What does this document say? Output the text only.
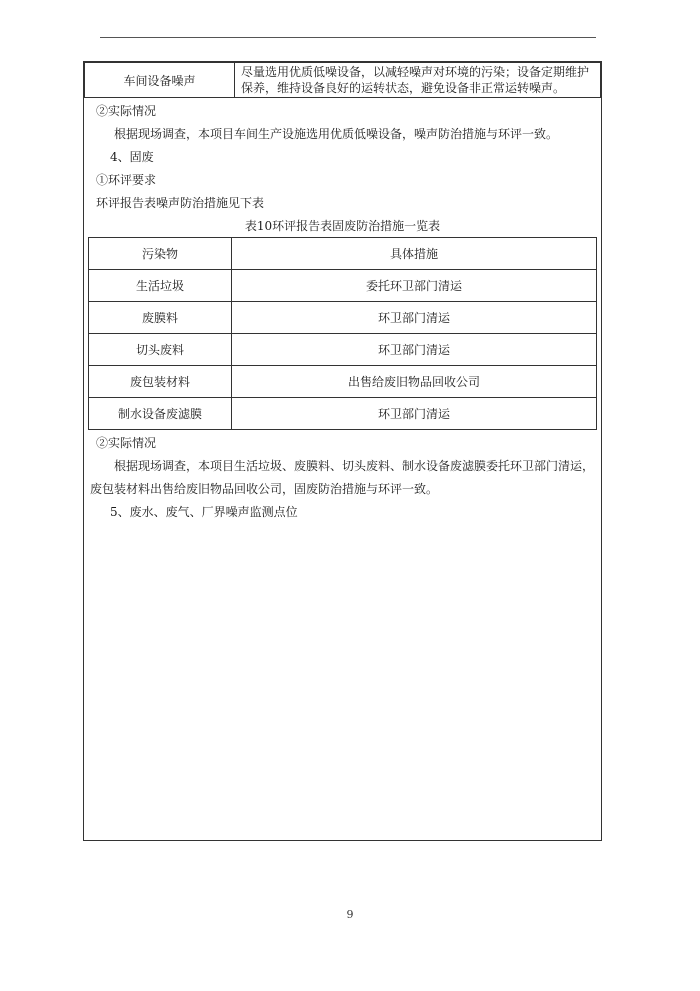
车间设备噪声	尽量选用优质低噪设备，以减轻噪声对环境的污染；设备定期维护保养，维持设备良好的运转状态，避免设备非正常运转噪声。

②实际情况

根据现场调查，本项目车间生产设施选用优质低噪设备，噪声防治措施与环评一致。

4、固废

①环评要求

环评报告表噪声防治措施见下表

表10环评报告表固废防治措施一览表

污染物	具体措施
生活垃圾	委托环卫部门清运
废膜料	环卫部门清运
切头废料	环卫部门清运
废包装材料	出售给废旧物品回收公司
制水设备废滤膜	环卫部门清运

②实际情况

根据现场调查，本项目生活垃圾、废膜料、切头废料、制水设备废滤膜委托环卫部门清运，废包装材料出售给废旧物品回收公司，固废防治措施与环评一致。

5、废水、废气、厂界噪声监测点位

9
